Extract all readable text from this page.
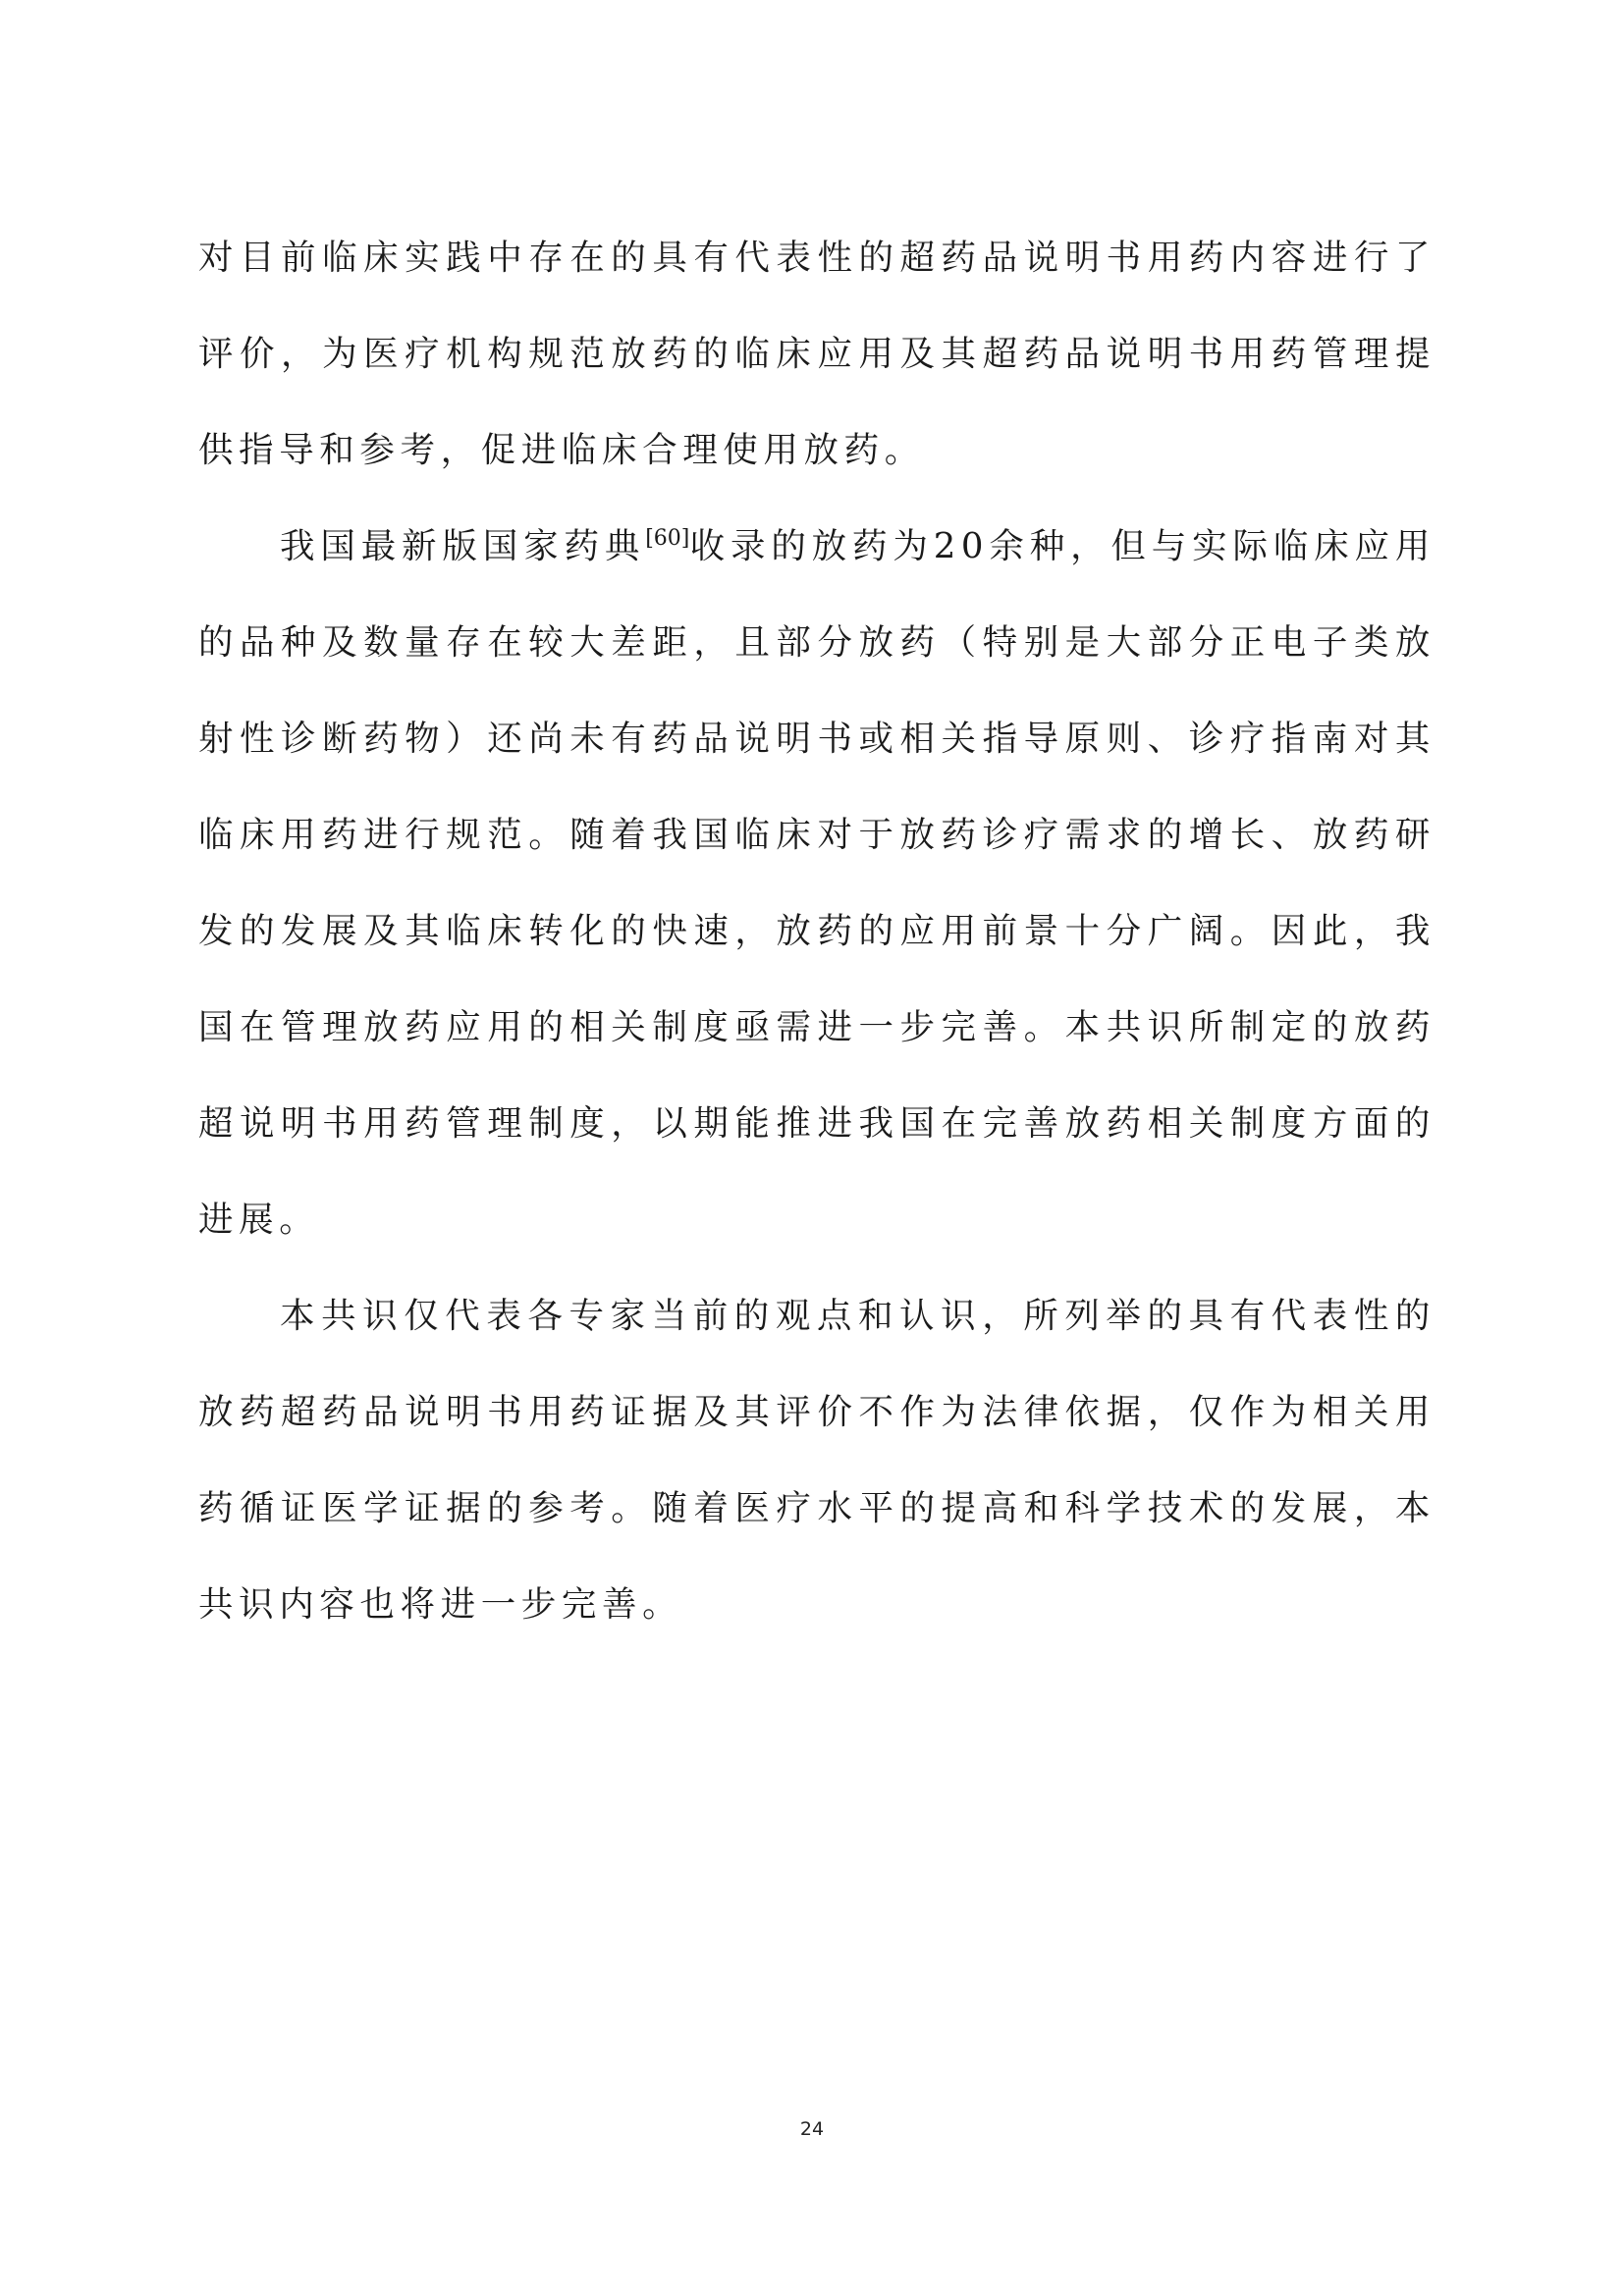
对目前临床实践中存在的具有代表性的超药品说明书用药内容进行了评价，为医疗机构规范放药的临床应用及其超药品说明书用药管理提供指导和参考，促进临床合理使用放药。

我国最新版国家药典[60]收录的放药为20余种，但与实际临床应用的品种及数量存在较大差距，且部分放药（特别是大部分正电子类放射性诊断药物）还尚未有药品说明书或相关指导原则、诊疗指南对其临床用药进行规范。随着我国临床对于放药诊疗需求的增长、放药研发的发展及其临床转化的快速，放药的应用前景十分广阔。因此，我国在管理放药应用的相关制度亟需进一步完善。本共识所制定的放药超说明书用药管理制度，以期能推进我国在完善放药相关制度方面的进展。

本共识仅代表各专家当前的观点和认识，所列举的具有代表性的放药超药品说明书用药证据及其评价不作为法律依据，仅作为相关用药循证医学证据的参考。随着医疗水平的提高和科学技术的发展，本共识内容也将进一步完善。

24
